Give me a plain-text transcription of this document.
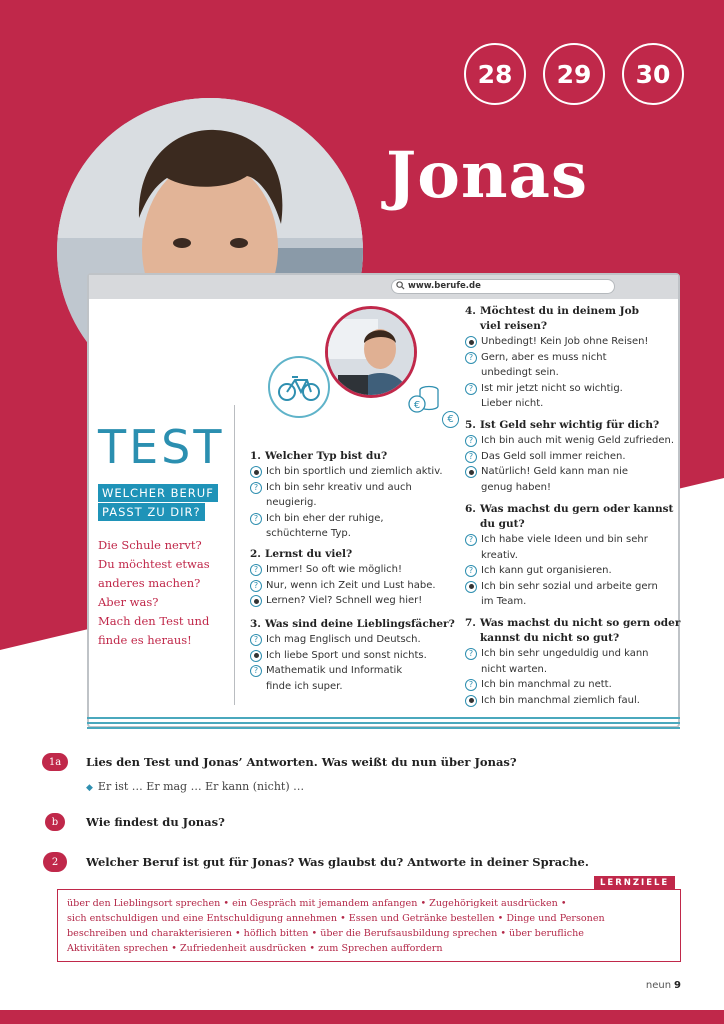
28	29	30
Jonas
www.berufe.de
€
€
TEST
WELCHER BERUF
PASST ZU DIR?
Die Schule nervt?
Du möchtest etwas
anderes machen?
Aber was?
Mach den Test und
finde es heraus!
1. Welcher Typ bist du?
Ich bin sportlich und ziemlich aktiv.
? Ich bin sehr kreativ und auch
neugierig.
? Ich bin eher der ruhige,
schüchterne Typ.
2. Lernst du viel?
? Immer! So oft wie möglich!
? Nur, wenn ich Zeit und Lust habe.
Lernen? Viel? Schnell weg hier!
3. Was sind deine Lieblingsfächer?
? Ich mag Englisch und Deutsch.
Ich liebe Sport und sonst nichts.
? Mathematik und Informatik
finde ich super.
4. Möchtest du in deinem Job
viel reisen?
Unbedingt! Kein Job ohne Reisen!
? Gern, aber es muss nicht
unbedingt sein.
? Ist mir jetzt nicht so wichtig.
Lieber nicht.
5. Ist Geld sehr wichtig für dich?
? Ich bin auch mit wenig Geld zufrieden.
? Das Geld soll immer reichen.
Natürlich! Geld kann man nie
genug haben!
6. Was machst du gern oder kannst
du gut?
? Ich habe viele Ideen und bin sehr
kreativ.
? Ich kann gut organisieren.
Ich bin sehr sozial und arbeite gern
im Team.
7. Was machst du nicht so gern oder
kannst du nicht so gut?
? Ich bin sehr ungeduldig und kann
nicht warten.
? Ich bin manchmal zu nett.
Ich bin manchmal ziemlich faul.
1a	Lies den Test und Jonas’ Antworten. Was weißt du nun über Jonas?
◆ Er ist … Er mag … Er kann (nicht) …
b	Wie findest du Jonas?
2	Welcher Beruf ist gut für Jonas? Was glaubst du? Antworte in deiner Sprache.
LERNZIELE
über den Lieblingsort sprechen • ein Gespräch mit jemandem anfangen • Zugehörigkeit ausdrücken •
sich entschuldigen und eine Entschuldigung annehmen • Essen und Getränke bestellen • Dinge und Personen
beschreiben und charakterisieren • höflich bitten • über die Berufsausbildung sprechen • über berufliche
Aktivitäten sprechen • Zufriedenheit ausdrücken • zum Sprechen auffordern
neun 9
